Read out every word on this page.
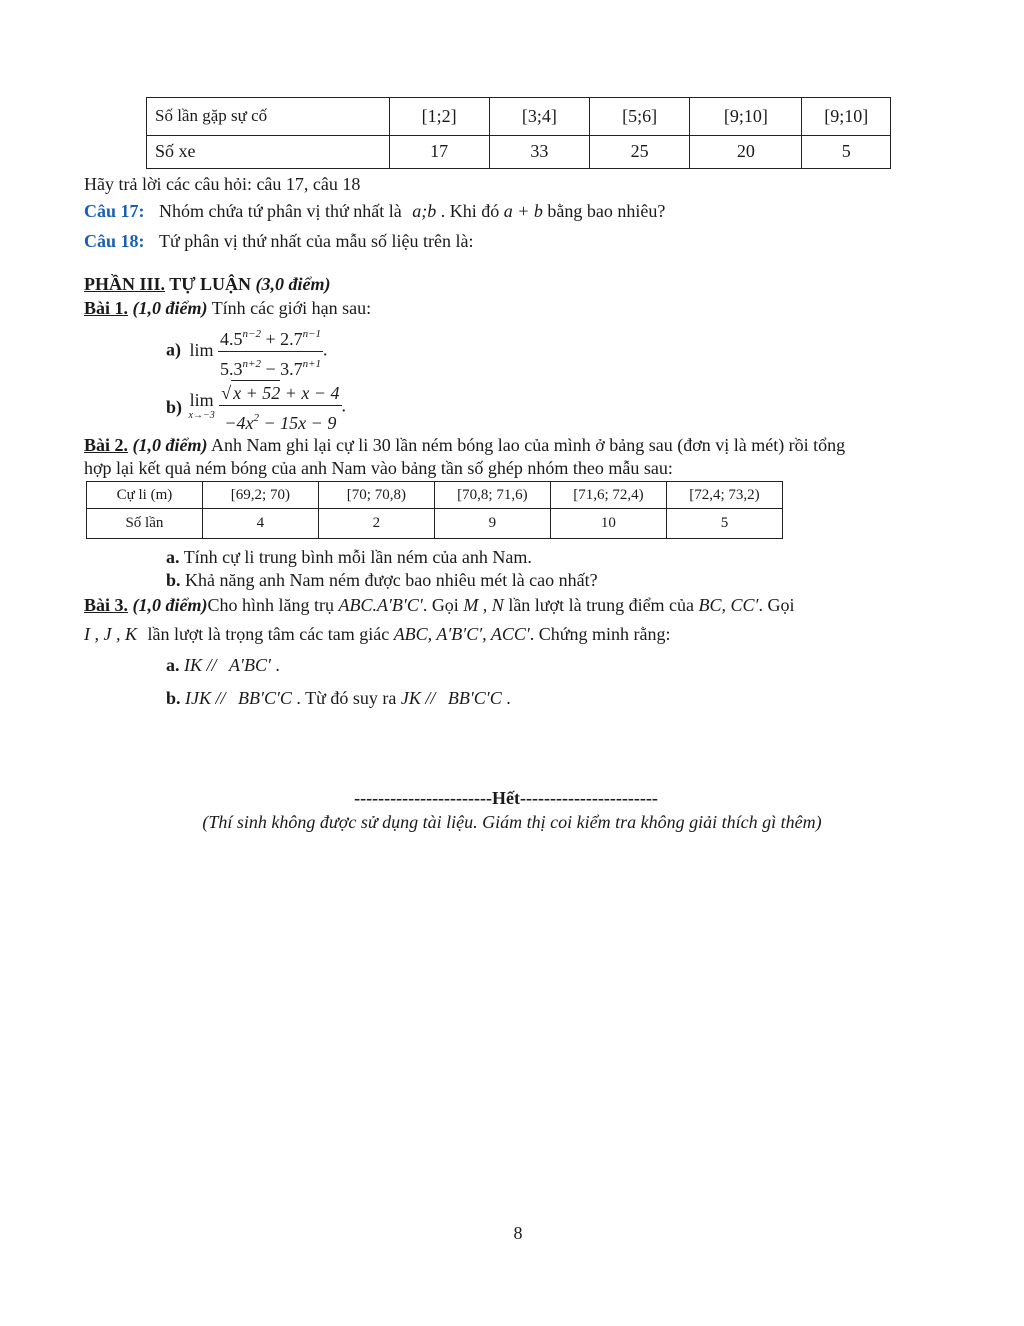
Số lần gặp sự cố	[1;2]	[3;4]	[5;6]	[9;10]	[9;10]
Số xe	17	33	25	20	5
Hãy trả lời các câu hỏi: câu 17, câu 18
Câu 17: Nhóm chứa tứ phân vị thứ nhất là a;b . Khi đó a + b bằng bao nhiêu?
Câu 18: Tứ phân vị thứ nhất của mẫu số liệu trên là:
PHẦN III. TỰ LUẬN (3,0 điểm)
Bài 1. (1,0 điểm) Tính các giới hạn sau:
a) $\lim \frac{4.5^{n-2} + 2.7^{n-1}}{5.3^{n+2} - 3.7^{n+1}}$ .
b) lim
x→−3
$\frac{√ x + 52 + x - 4}{-4x^2 - 15x - 9}$ .
Bài 2. (1,0 điểm) Anh Nam ghi lại cự li 30 lần ném bóng lao của mình ở bảng sau (đơn vị là mét) rồi tổng
hợp lại kết quả ném bóng của anh Nam vào bảng tần số ghép nhóm theo mẫu sau:
Cự li (m)	[69,2; 70)	[70; 70,8)	[70,8; 71,6)	[71,6; 72,4)	[72,4; 73,2)
Số lần	4	2	9	10	5
a. Tính cự li trung bình mỗi lần ném của anh Nam.
b. Khả năng anh Nam ném được bao nhiêu mét là cao nhất?
Bài 3. (1,0 điểm)Cho hình lăng trụ ABC.A′B′C′. Gọi M , N lần lượt là trung điểm của BC, CC′. Gọi
I , J , K lần lượt là trọng tâm các tam giác ABC, A′B′C′, ACC′. Chứng minh rằng:
a. IK // A′BC′ .
b. IJK // BB′C′C . Từ đó suy ra JK // BB′C′C .
-----------------------Hết-----------------------
(Thí sinh không được sử dụng tài liệu. Giám thị coi kiểm tra không giải thích gì thêm)
8
